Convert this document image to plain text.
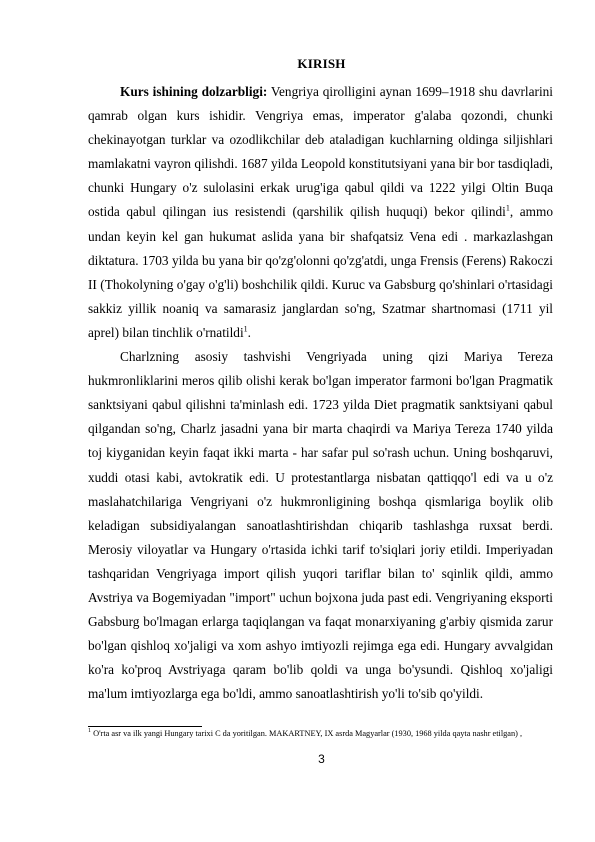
KIRISH

Kurs ishining dolzarbligi: Vengriya qirolligini aynan 1699–1918 shu davrlarini qamrab olgan kurs ishidir. Vengriya emas, imperator g'alaba qozondi, chunki chekinayotgan turklar va ozodlikchilar deb ataladigan kuchlarning oldinga siljishlari mamlakatni vayron qilishdi. 1687 yilda Leopold konstitutsiyani yana bir bor tasdiqladi, chunki Hungary o'z sulolasini erkak urug'iga qabul qildi va 1222 yilgi Oltin Buqa ostida qabul qilingan ius resistendi (qarshilik qilish huquqi) bekor qilindi$^1$, ammo undan keyin kel gan hukumat aslida yana bir shafqatsiz Vena edi . markazlashgan diktatura. 1703 yilda bu yana bir qo'zg'olonni qo'zg'atdi, unga Frensis (Ferens) Rakoczi II (Thokolyning o'gay o'g'li) boshchilik qildi. Kuruc va Gabsburg qo'shinlari o'rtasidagi sakkiz yillik noaniq va samarasiz janglardan so'ng, Szatmar shartnomasi (1711 yil aprel) bilan tinchlik o'rnatildi$^1$.

Charlzning asosiy tashvishi Vengriyada uning qizi Mariya Tereza hukmronliklarini meros qilib olishi kerak bo'lgan imperator farmoni bo'lgan Pragmatik sanktsiyani qabul qilishni ta'minlash edi. 1723 yilda Diet pragmatik sanktsiyani qabul qilgandan so'ng, Charlz jasadni yana bir marta chaqirdi va Mariya Tereza 1740 yilda toj kiyganidan keyin faqat ikki marta - har safar pul so'rash uchun. Uning boshqaruvi, xuddi otasi kabi, avtokratik edi. U protestantlarga nisbatan qattiqqo'l edi va u o'z maslahatchilariga Vengriyani o'z hukmronligining boshqa qismlariga boylik olib keladigan subsidiyalangan sanoatlashtirishdan chiqarib tashlashga ruxsat berdi. Merosiy viloyatlar va Hungary o'rtasida ichki tarif to'siqlari joriy etildi. Imperiyadan tashqaridan Vengriyaga import qilish yuqori tariflar bilan to' sqinlik qildi, ammo Avstriya va Bogemiyadan "import" uchun bojxona juda past edi. Vengriyaning eksporti Gabsburg bo'lmagan erlarga taqiqlangan va faqat monarxiyaning g'arbiy qismida zarur bo'lgan qishloq xo'jaligi va xom ashyo imtiyozli rejimga ega edi. Hungary avvalgidan ko'ra ko'proq Avstriyaga qaram bo'lib qoldi va unga bo'ysundi. Qishloq xo'jaligi ma'lum imtiyozlarga ega bo'ldi, ammo sanoatlashtirish yo'li to'sib qo'yildi.

$^1$ O'rta asr va ilk yangi Hungary tarixi C da yoritilgan. MAKARTNEY, IX asrda Magyarlar (1930, 1968 yilda qayta nashr etilgan) ,
3
